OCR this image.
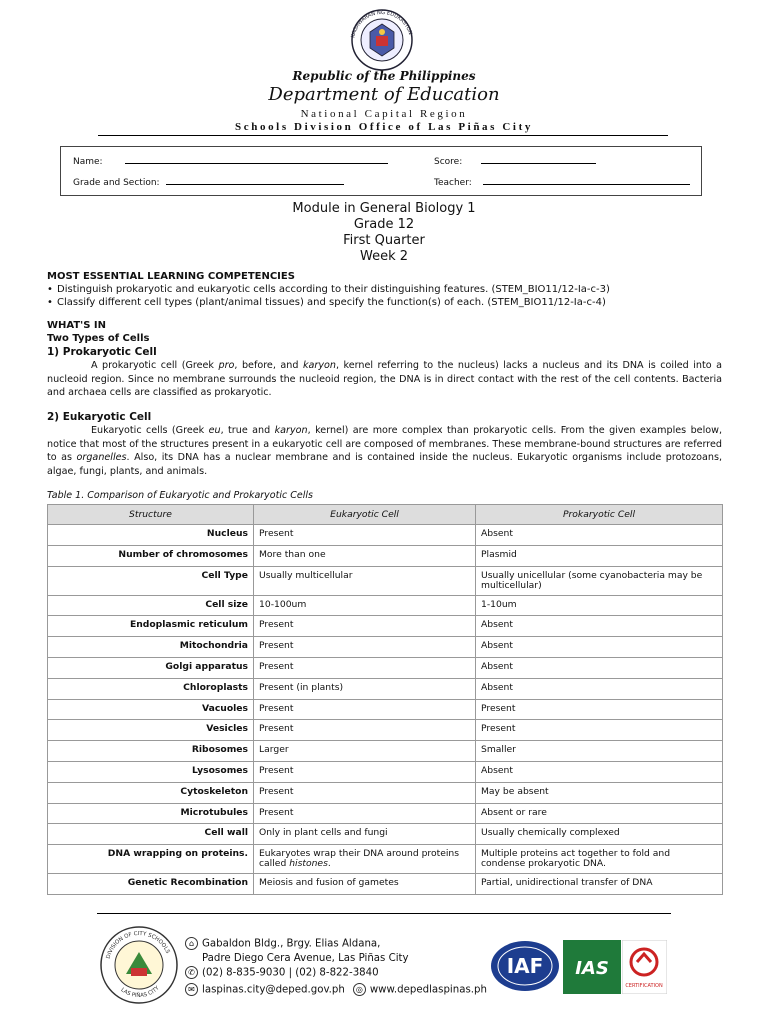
KAGAWARAN NG EDUKASYON
Republic of the Philippines
Department of Education
National Capital Region
Schools Division Office of Las Piñas City
Name:
Grade and Section:
Score:
Teacher:
Module in General Biology 1
Grade 12
First Quarter
Week 2
MOST ESSENTIAL LEARNING COMPETENCIES
• Distinguish prokaryotic and eukaryotic cells according to their distinguishing features. (STEM_BIO11/12-Ia-c-3)
• Classify different cell types (plant/animal tissues) and specify the function(s) of each. (STEM_BIO11/12-Ia-c-4)
WHAT'S IN
Two Types of Cells
1) Prokaryotic Cell
A prokaryotic cell (Greek pro, before, and karyon, kernel referring to the nucleus) lacks a nucleus and its DNA is coiled into a nucleoid region. Since no membrane surrounds the nucleoid region, the DNA is in direct contact with the rest of the cell contents. Bacteria and archaea cells are classified as prokaryotic.
2) Eukaryotic Cell
Eukaryotic cells (Greek eu, true and karyon, kernel) are more complex than prokaryotic cells. From the given examples below, notice that most of the structures present in a eukaryotic cell are composed of membranes. These membrane-bound structures are referred to as organelles. Also, its DNA has a nuclear membrane and is contained inside the nucleus. Eukaryotic organisms include protozoans, algae, fungi, plants, and animals.
Table 1. Comparison of Eukaryotic and Prokaryotic Cells
Structure	Eukaryotic Cell	Prokaryotic Cell
Nucleus	Present	Absent
Number of chromosomes	More than one	Plasmid
Cell Type	Usually multicellular	Usually unicellular (some cyanobacteria may be multicellular)
Cell size	10-100um	1-10um
Endoplasmic reticulum	Present	Absent
Mitochondria	Present	Absent
Golgi apparatus	Present	Absent
Chloroplasts	Present (in plants)	Absent
Vacuoles	Present	Present
Vesicles	Present	Present
Ribosomes	Larger	Smaller
Lysosomes	Present	Absent
Cytoskeleton	Present	May be absent
Microtubules	Present	Absent or rare
Cell wall	Only in plant cells and fungi	Usually chemically complexed
DNA wrapping on proteins.	Eukaryotes wrap their DNA around proteins called histones.	Multiple proteins act together to fold and condense prokaryotic DNA.
Genetic Recombination	Meiosis and fusion of gametes	Partial, unidirectional transfer of DNA
DIVISION OF CITY SCHOOLS
LAS PIÑAS CITY
⌂ Gabaldon Bldg., Brgy. Elias Aldana,
Padre Diego Cera Avenue, Las Piñas City
✆ (02) 8-835-9030 | (02) 8-822-3840
✉ laspinas.city@deped.gov.ph ◎ www.depedlaspinas.ph
IAF IAS
CERTIFICATION
